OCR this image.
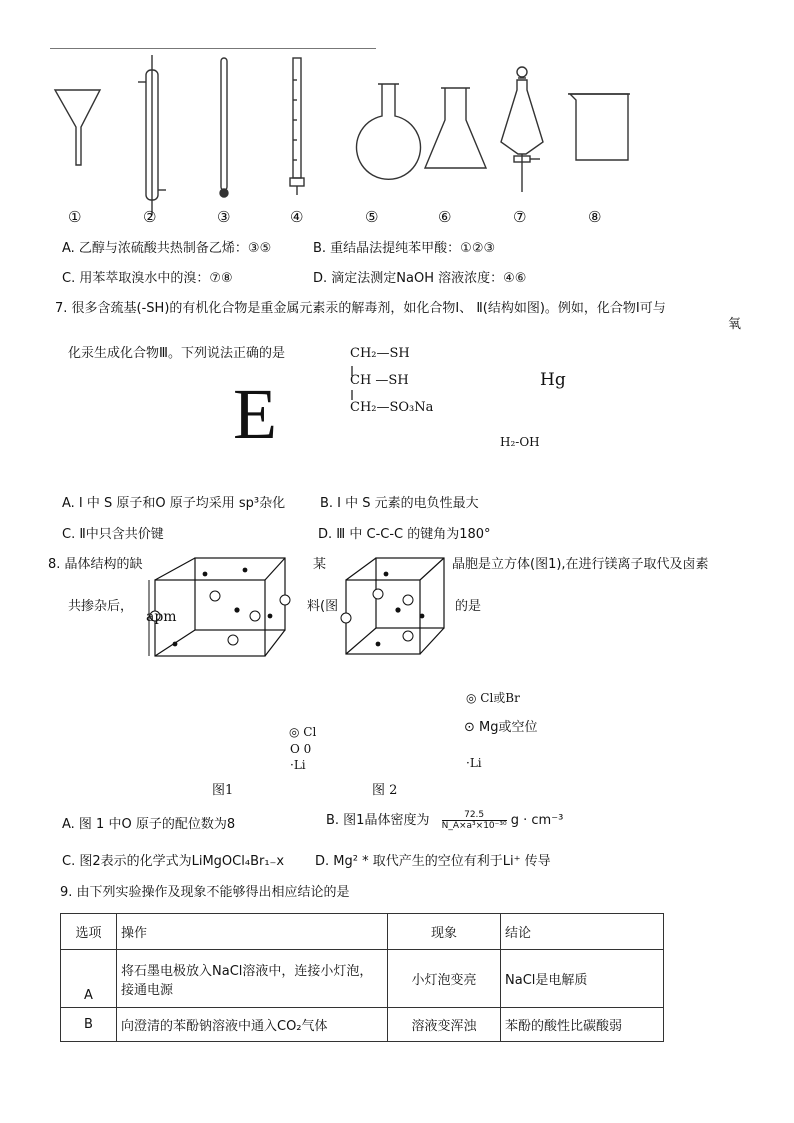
①	②	③	④	⑤	⑥	⑦	⑧
A. 乙醇与浓硫酸共热制备乙烯：③⑤	B. 重结晶法提纯苯甲酸：①②③
C. 用苯萃取溴水中的溴：⑦⑧	D. 滴定法测定NaOH 溶液浓度：④⑥
7. 很多含巯基(-SH)的有机化合物是重金属元素汞的解毒剂，如化合物Ⅰ、 Ⅱ(结构如图)。例如，化合物Ⅰ可与
氧
化汞生成化合物Ⅲ。下列说法正确的是
E
CH₂—SH
CH —SH
CH₂—SO₃Na
Hg
H₂-OH
A. Ⅰ 中 S 原子和O 原子均采用 sp³杂化	B. Ⅰ 中 S 元素的电负性最大
C. Ⅱ中只含共价键	D. Ⅲ 中 C-C-C 的键角为180°
8. 晶体结构的缺	。某	晶胞是立方体(图1),在进行镁离子取代及卤素
共掺杂后，	料(图	的是
apm
◎ Cl或Br
⊙ Mg或空位
◎ Cl
O 0
·Li	·Li
图1	图 2
A. 图 1 中O 原子的配位数为8	B. 图1晶体密度为 $\frac{72.5}{\text{N\_A×a³×10⁻³⁰}}$ g · cm⁻³
C. 图2表示的化学式为LiMgOCl₄Br₁₋x D. Mg² * 取代产生的空位有利于Li⁺ 传导
9. 由下列实验操作及现象不能够得出相应结论的是
选项	操作	现象	结论
A	将石墨电极放入NaCl溶液中，连接小灯泡，接通电源	小灯泡变亮	NaCl是电解质
B	向澄清的苯酚钠溶液中通入CO₂气体	溶液变浑浊	苯酚的酸性比碳酸弱
